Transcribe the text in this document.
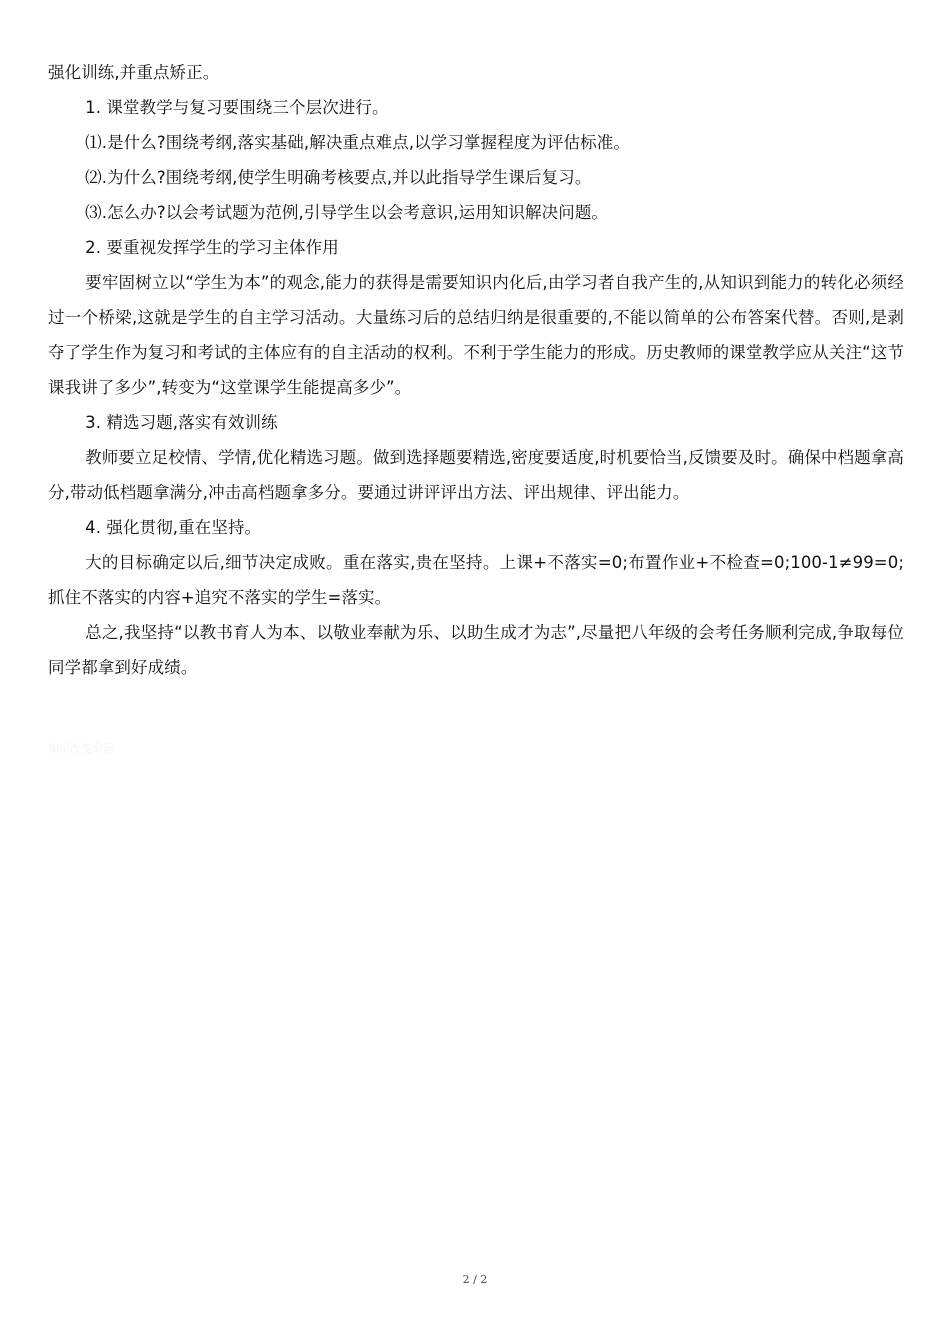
强化训练,并重点矫正。

1. 课堂教学与复习要围绕三个层次进行。

⑴.是什么?围绕考纲,落实基础,解决重点难点,以学习掌握程度为评估标准。

⑵.为什么?围绕考纲,使学生明确考核要点,并以此指导学生课后复习。

⑶.怎么办?以会考试题为范例,引导学生以会考意识,运用知识解决问题。

2. 要重视发挥学生的学习主体作用

要牢固树立以“学生为本”的观念,能力的获得是需要知识内化后,由学习者自我产生的,从知识到能力的转化必须经过一个桥梁,这就是学生的自主学习活动。大量练习后的总结归纳是很重要的,不能以简单的公布答案代替。否则,是剥夺了学生作为复习和考试的主体应有的自主活动的权利。不利于学生能力的形成。历史教师的课堂教学应从关注“这节课我讲了多少”,转变为“这堂课学生能提高多少”。

3. 精选习题,落实有效训练

教师要立足校情、学情,优化精选习题。做到选择题要精选,密度要适度,时机要恰当,反馈要及时。确保中档题拿高分,带动低档题拿满分,冲击高档题拿多分。要通过讲评评出方法、评出规律、评出能力。

4. 强化贯彻,重在坚持。

大的目标确定以后,细节决定成败。重在落实,贵在坚持。上课+不落实=0;布置作业+不检查=0;100-1≠99=0;抓住不落实的内容+追究不落实的学生=落实。

总之,我坚持“以教书育人为本、以敬业奉献为乐、以助生成才为志”,尽量把八年级的会考任务顺利完成,争取每位同学都拿到好成绩。

知识改变命运
2 / 2
